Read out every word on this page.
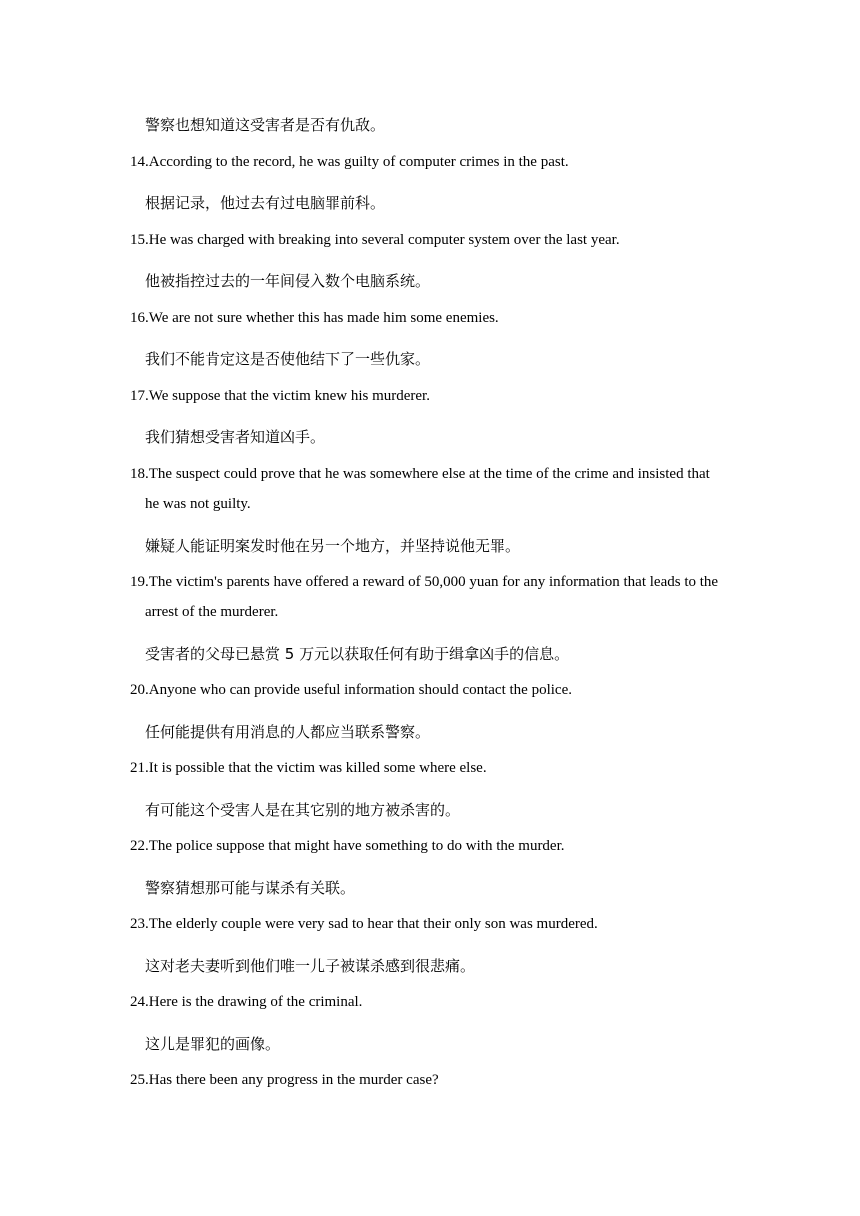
警察也想知道这受害者是否有仇敌。
14.According to the record, he was guilty of computer crimes in the past.
根据记录，他过去有过电脑罪前科。
15.He was charged with breaking into several computer system over the last year.
他被指控过去的一年间侵入数个电脑系统。
16.We are not sure whether this has made him some enemies.
我们不能肯定这是否使他结下了一些仇家。
17.We suppose that the victim knew his murderer.
我们猜想受害者知道凶手。
18.The suspect could prove that he was somewhere else at the time of the crime and insisted that
he was not guilty.
嫌疑人能证明案发时他在另一个地方，并坚持说他无罪。
19.The victim's parents have offered a reward of 50,000 yuan for any information that leads to the
arrest of the murderer.
受害者的父母已悬赏 5 万元以获取任何有助于缉拿凶手的信息。
20.Anyone who can provide useful information should contact the police.
任何能提供有用消息的人都应当联系警察。
21.It is possible that the victim was killed some where else.
有可能这个受害人是在其它别的地方被杀害的。
22.The police suppose that might have something to do with the murder.
警察猜想那可能与谋杀有关联。
23.The elderly couple were very sad to hear that their only son was murdered.
这对老夫妻听到他们唯一儿子被谋杀感到很悲痛。
24.Here is the drawing of the criminal.
这儿是罪犯的画像。
25.Has there been any progress in the murder case?
